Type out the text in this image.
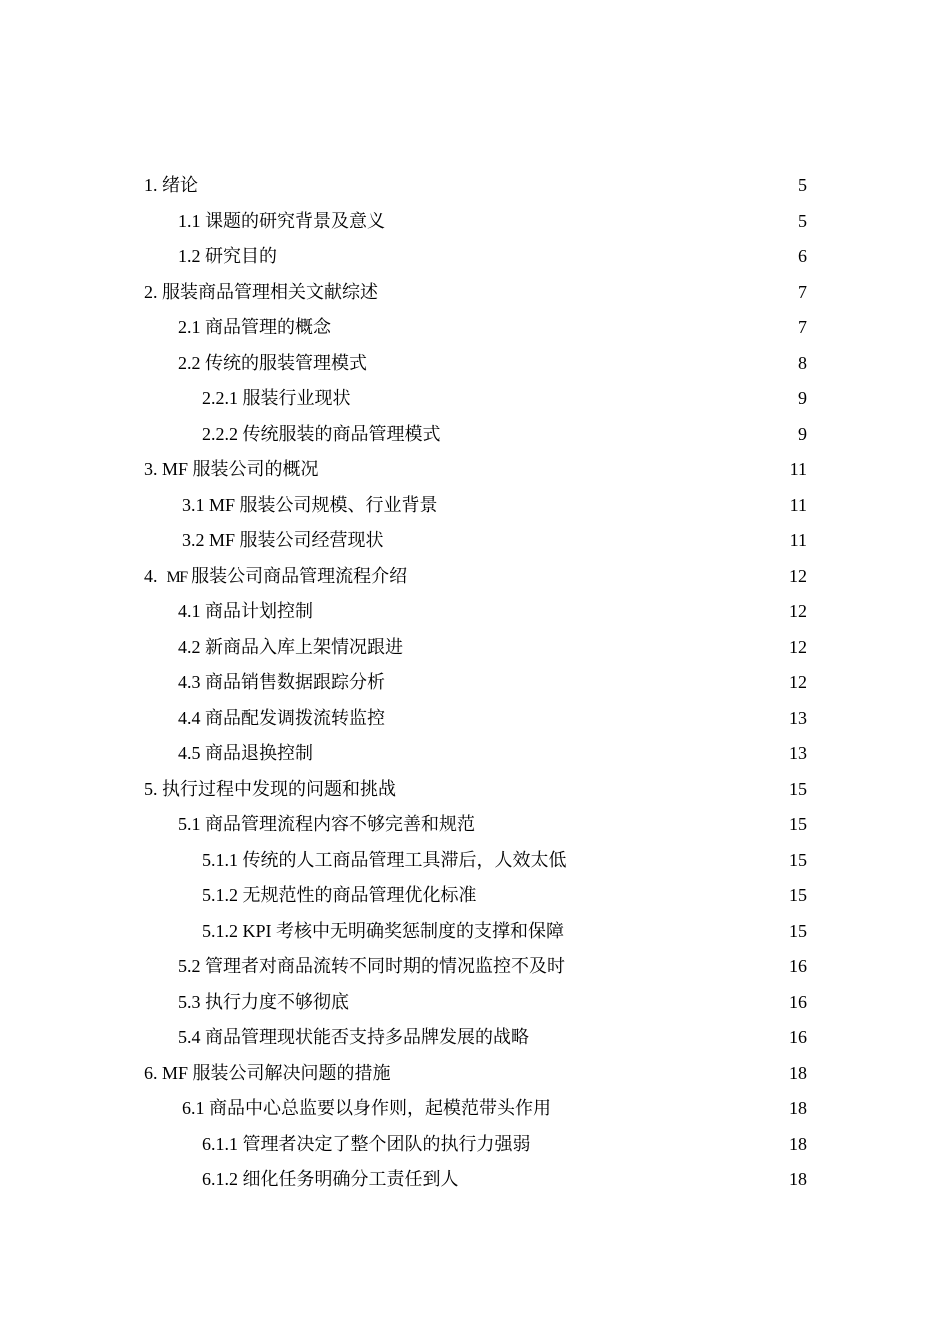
1. 绪论	5
1.1 课题的研究背景及意义	5
1.2 研究目的	6
2. 服装商品管理相关文献综述	7
2.1 商品管理的概念	7
2.2 传统的服装管理模式	8
2.2.1 服装行业现状	9
2.2.2 传统服装的商品管理模式	9
3. MF 服装公司的概况	11
3.1 MF 服装公司规模、行业背景	11
3.2 MF 服装公司经营现状	11
4.  MF 服装公司商品管理流程介绍	12
4.1 商品计划控制	12
4.2 新商品入库上架情况跟进	12
4.3 商品销售数据跟踪分析	12
4.4 商品配发调拨流转监控	13
4.5 商品退换控制	13
5. 执行过程中发现的问题和挑战	15
5.1 商品管理流程内容不够完善和规范	15
5.1.1 传统的人工商品管理工具滞后，人效太低	15
5.1.2 无规范性的商品管理优化标准	15
5.1.2 KPI 考核中无明确奖惩制度的支撑和保障	15
5.2 管理者对商品流转不同时期的情况监控不及时	16
5.3 执行力度不够彻底	16
5.4 商品管理现状能否支持多品牌发展的战略	16
6. MF 服装公司解决问题的措施	18
6.1 商品中心总监要以身作则，起模范带头作用	18
6.1.1 管理者决定了整个团队的执行力强弱	18
6.1.2 细化任务明确分工责任到人	18
